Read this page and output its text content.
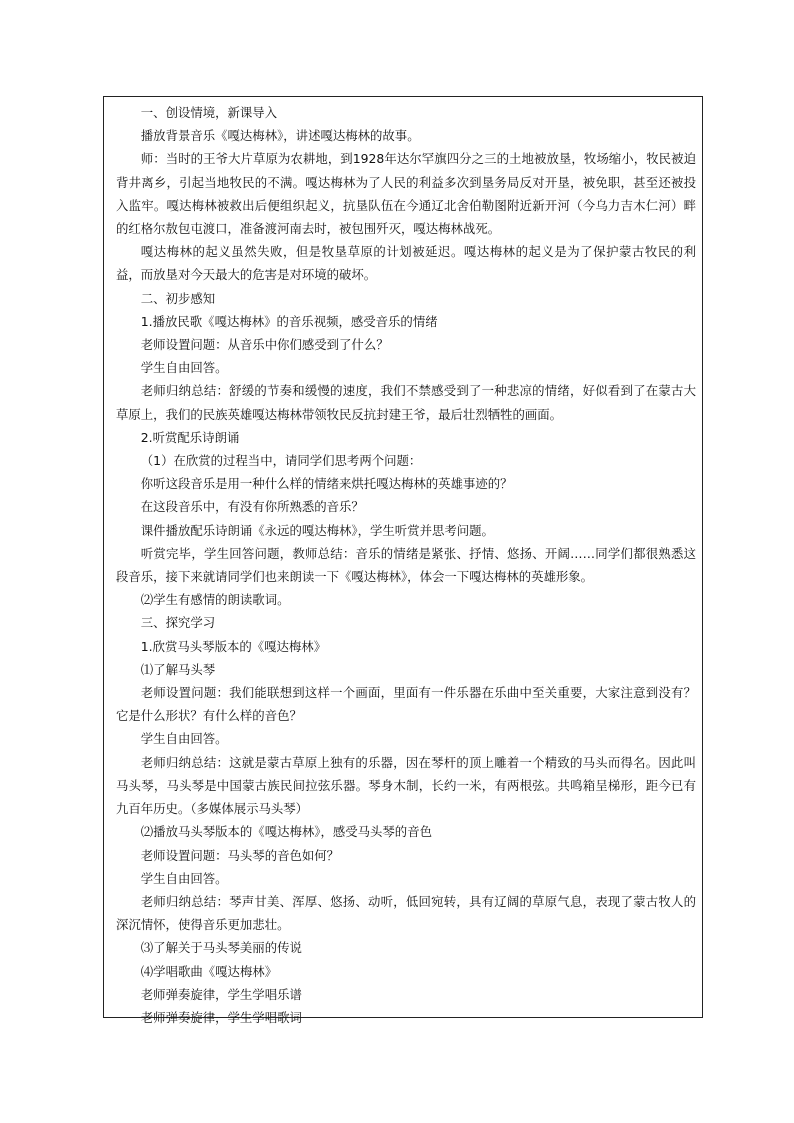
一、创设情境，新课导入

播放背景音乐《嘎达梅林》，讲述嘎达梅林的故事。

师：当时的王爷大片草原为农耕地，到1928年达尔罕旗四分之三的土地被放垦，牧场缩小，牧民被迫背井离乡，引起当地牧民的不满。嘎达梅林为了人民的利益多次到垦务局反对开垦，被免职，甚至还被投入监牢。嘎达梅林被救出后便组织起义，抗垦队伍在今通辽北舍伯勒图附近新开河（今乌力吉木仁河）畔的红格尔敖包屯渡口，准备渡河南去时，被包围歼灭，嘎达梅林战死。

嘎达梅林的起义虽然失败，但是牧垦草原的计划被延迟。嘎达梅林的起义是为了保护蒙古牧民的利益，而放垦对今天最大的危害是对环境的破坏。

二、初步感知

1.播放民歌《嘎达梅林》的音乐视频，感受音乐的情绪

老师设置问题：从音乐中你们感受到了什么？

学生自由回答。

老师归纳总结：舒缓的节奏和缓慢的速度，我们不禁感受到了一种悲凉的情绪，好似看到了在蒙古大草原上，我们的民族英雄嘎达梅林带领牧民反抗封建王爷，最后壮烈牺牲的画面。

2.听赏配乐诗朗诵

（1）在欣赏的过程当中，请同学们思考两个问题：

你听这段音乐是用一种什么样的情绪来烘托嘎达梅林的英雄事迹的？

在这段音乐中，有没有你所熟悉的音乐？

课件播放配乐诗朗诵《永远的嘎达梅林》，学生听赏并思考问题。

听赏完毕，学生回答问题，教师总结：音乐的情绪是紧张、抒情、悠扬、开阔……同学们都很熟悉这段音乐，接下来就请同学们也来朗读一下《嘎达梅林》，体会一下嘎达梅林的英雄形象。

⑵学生有感情的朗读歌词。

三、探究学习

1.欣赏马头琴版本的《嘎达梅林》

⑴了解马头琴

老师设置问题：我们能联想到这样一个画面，里面有一件乐器在乐曲中至关重要，大家注意到没有？它是什么形状？有什么样的音色？

学生自由回答。

老师归纳总结：这就是蒙古草原上独有的乐器，因在琴杆的顶上雕着一个精致的马头而得名。因此叫马头琴，马头琴是中国蒙古族民间拉弦乐器。琴身木制，长约一米，有两根弦。共鸣箱呈梯形，距今已有九百年历史。（多媒体展示马头琴）

⑵播放马头琴版本的《嘎达梅林》，感受马头琴的音色

老师设置问题：马头琴的音色如何？

学生自由回答。

老师归纳总结：琴声甘美、浑厚、悠扬、动听，低回宛转，具有辽阔的草原气息，表现了蒙古牧人的深沉情怀，使得音乐更加悲壮。

⑶了解关于马头琴美丽的传说

⑷学唱歌曲《嘎达梅林》

老师弹奏旋律，学生学唱乐谱

老师弹奏旋律，学生学唱歌词
